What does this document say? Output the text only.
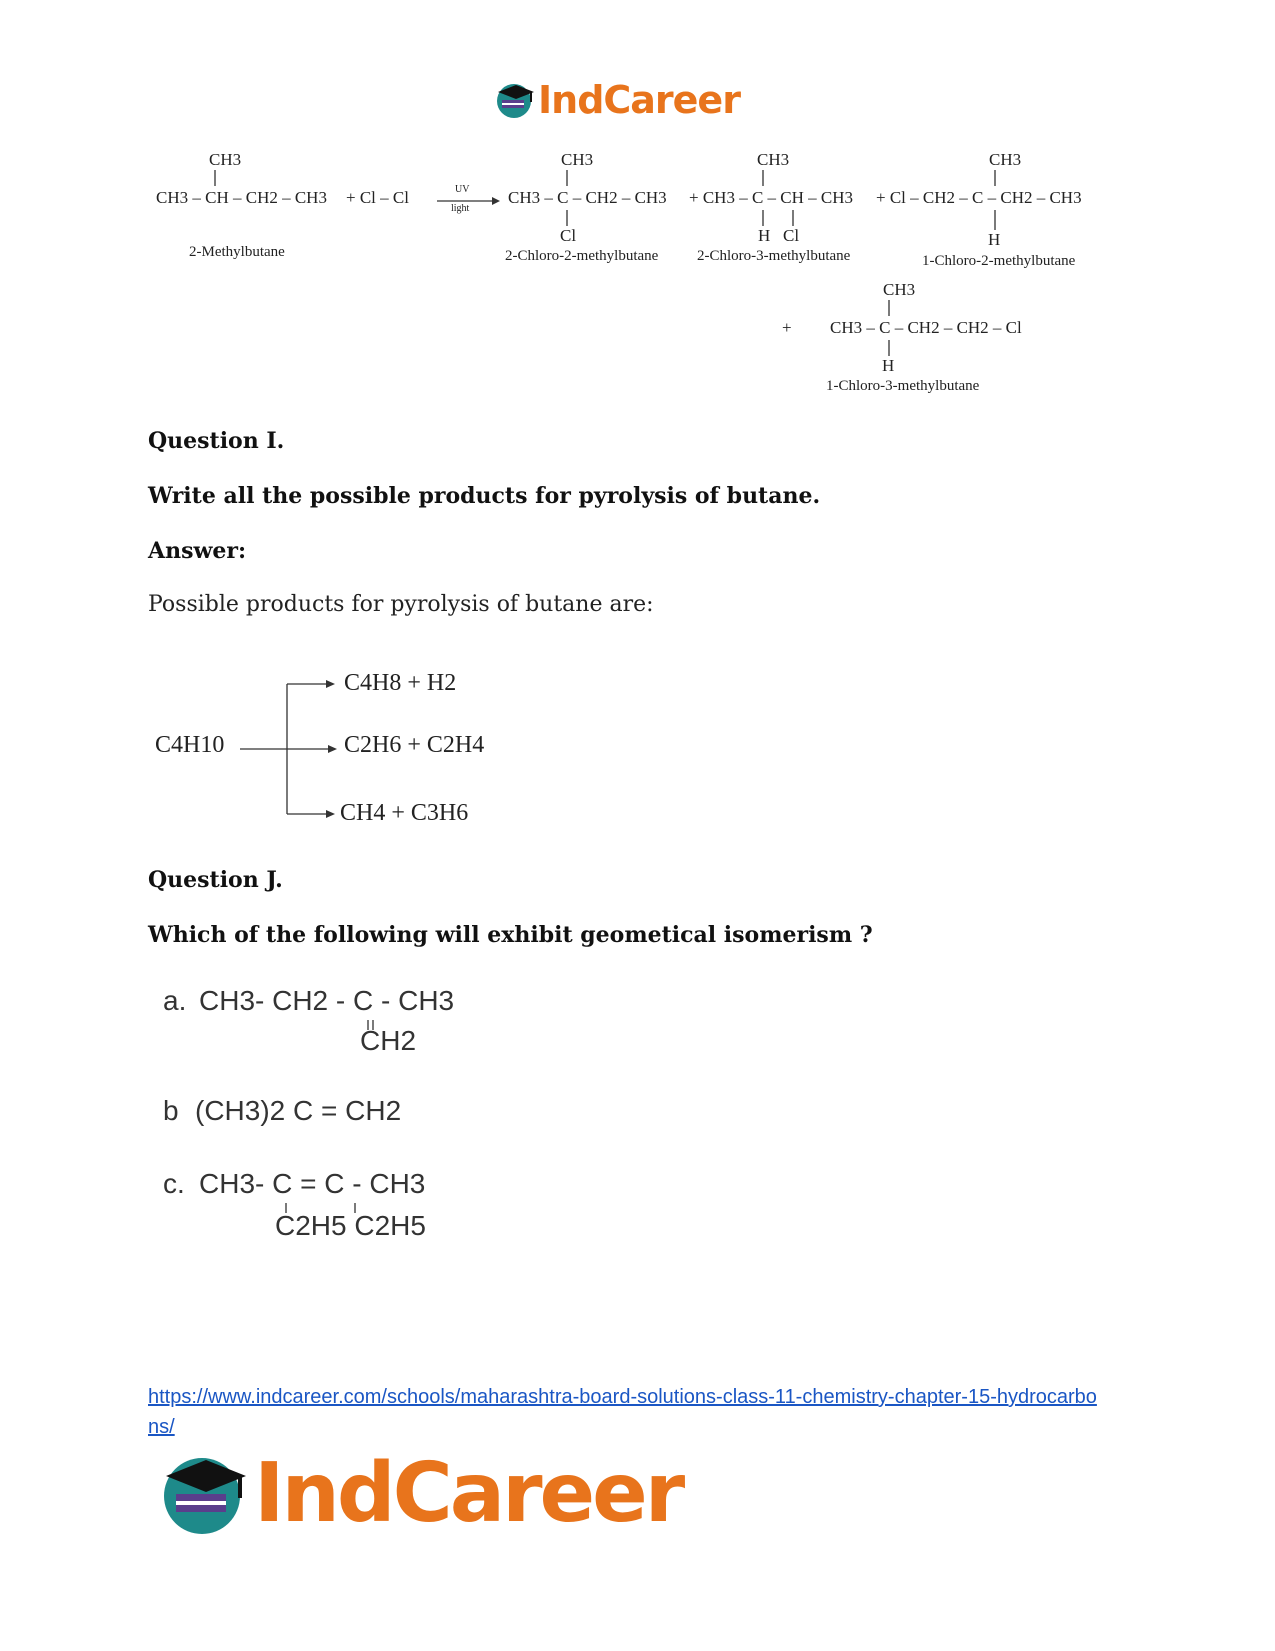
IndCareer
CH3
CH3 – CH – CH2 – CH3 + Cl – Cl	UV
light
2-Methylbutane
CH3
CH3 – C – CH2 – CH3
Cl
2-Chloro-2-methylbutane
CH3
+ CH3 – C – CH – CH3
H   Cl
2-Chloro-3-methylbutane
CH3
+ Cl – CH2 – C – CH2 – CH3
H
1-Chloro-2-methylbutane
+
CH3
CH3 – C – CH2 – CH2 – Cl
H
1-Chloro-3-methylbutane
Question I.
Write all the possible products for pyrolysis of butane.
Answer:
Possible products for pyrolysis of butane are:
C4H10
C4H8 + H2
C2H6 + C2H4
CH4 + C3H6
Question J.
Which of the following will exhibit geometical isomerism ?
a. CH3- CH2 - C - CH3
CH2
b (CH3)2 C = CH2
c. CH3- C = C - CH3
C2H5 C2H5
https://www.indcareer.com/schools/maharashtra-board-solutions-class-11-chemistry-chapter-15-hydrocarbons/
IndCareer
